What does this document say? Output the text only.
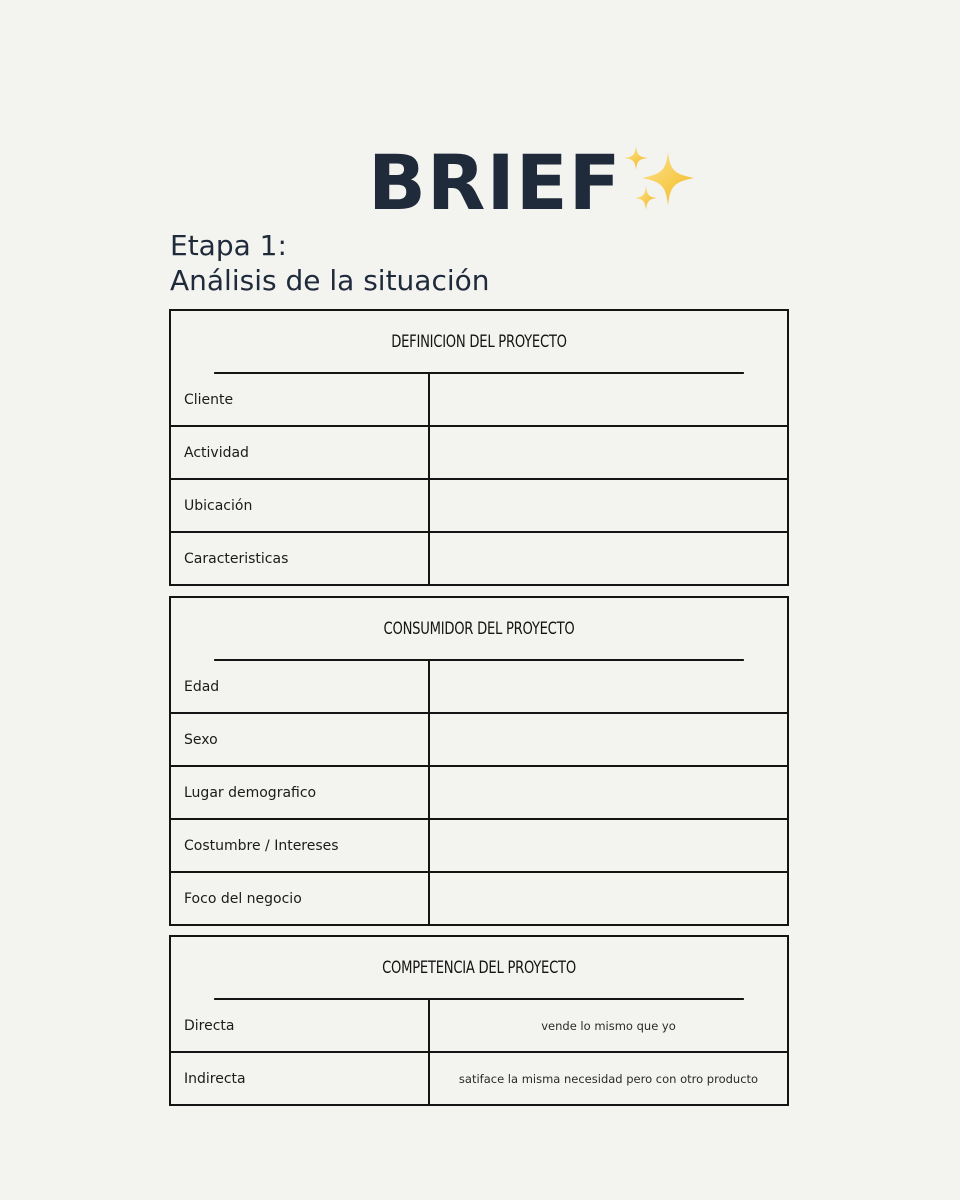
BRIEF
Etapa 1:
Análisis de la situación
DEFINICION DEL PROYECTO
Cliente
Actividad
Ubicación
Caracteristicas
CONSUMIDOR DEL PROYECTO
Edad
Sexo
Lugar demografico
Costumbre / Intereses
Foco del negocio
COMPETENCIA DEL PROYECTO
Directa	vende lo mismo que yo
Indirecta	satiface la misma necesidad pero con otro producto
